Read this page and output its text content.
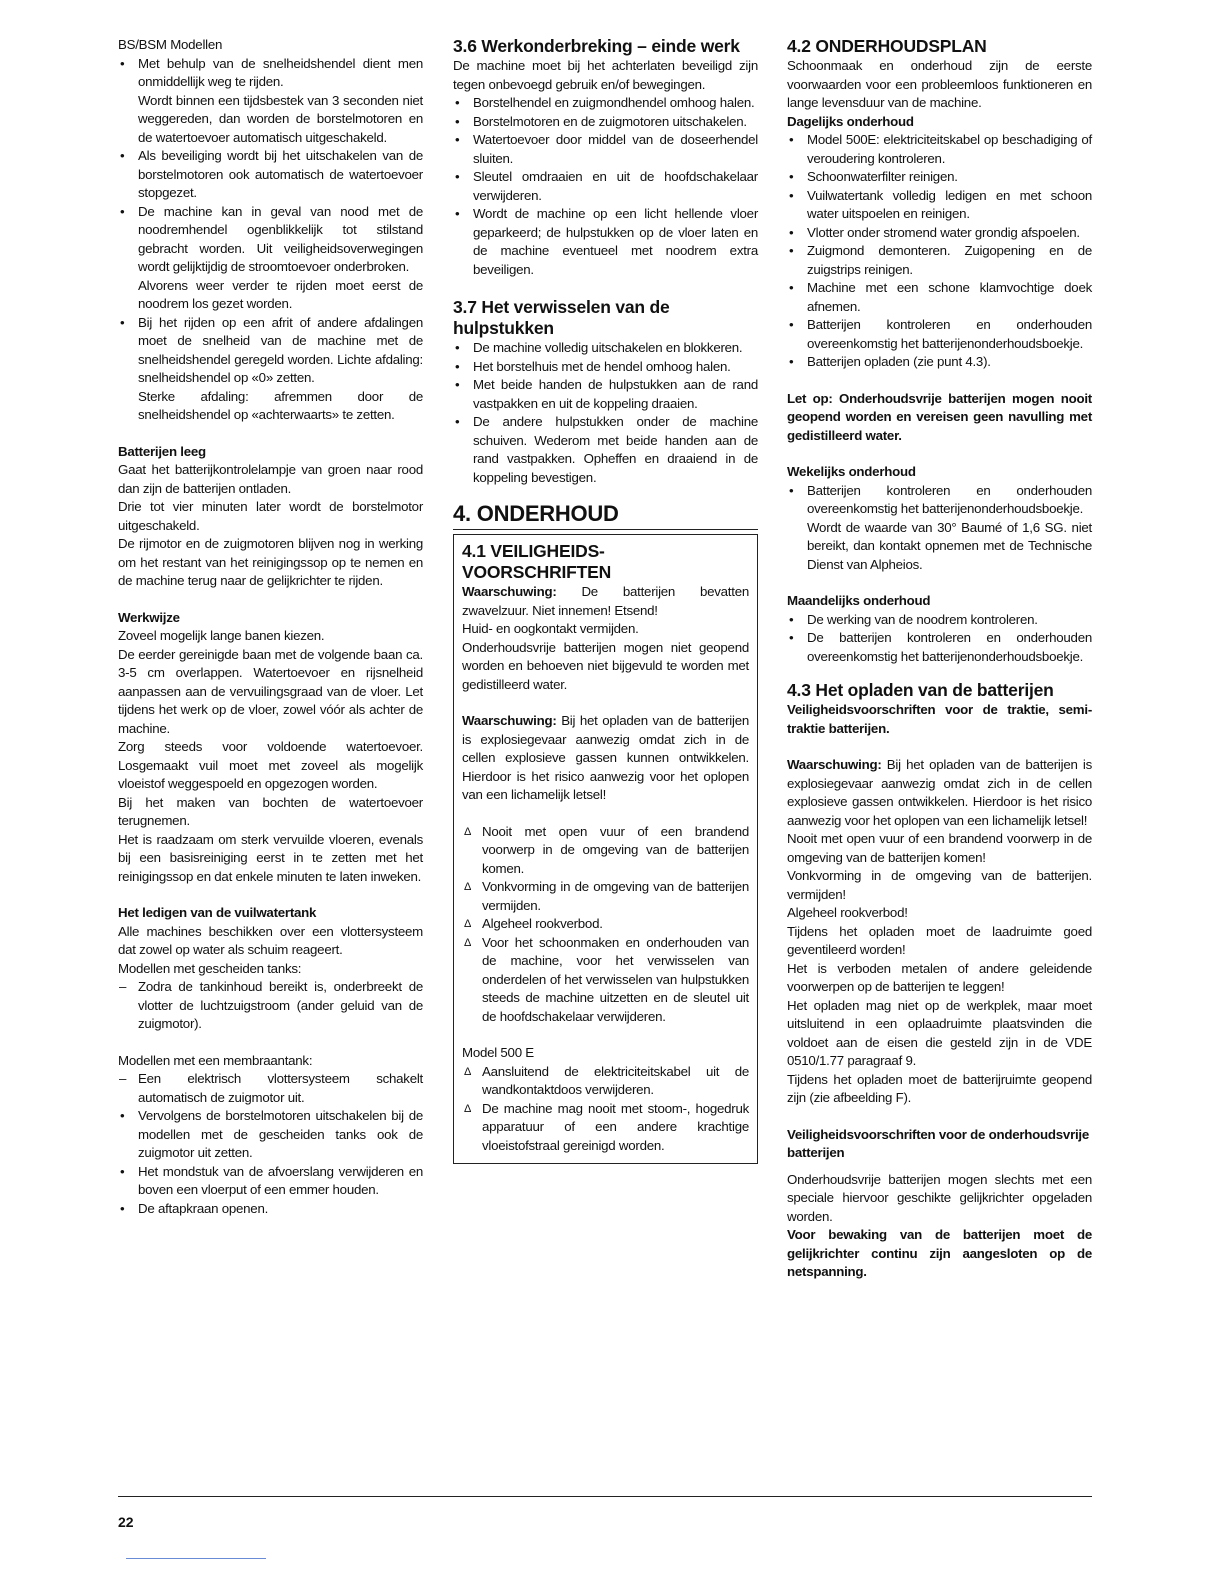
BS/BSM Modellen

• Met behulp van de snelheidshendel dient men onmiddellijk weg te rijden.
Wordt binnen een tijdsbestek van 3 seconden niet weggereden, dan worden de borstelmotoren en de watertoevoer automatisch uitgeschakeld.
• Als beveiliging wordt bij het uitschakelen van de borstelmotoren ook automatisch de watertoevoer stopgezet.
• De machine kan in geval van nood met de noodremhendel ogenblikkelijk tot stilstand gebracht worden. Uit veiligheidsoverwegingen wordt gelijktijdig de stroomtoevoer onderbroken.
Alvorens weer verder te rijden moet eerst de noodrem los gezet worden.
• Bij het rijden op een afrit of andere afdalingen moet de snelheid van de machine met de snelheidshendel geregeld worden. Lichte afdaling: snelheidshendel op «0» zetten.
Sterke afdaling: afremmen door de snelheidshendel op «achterwaarts» te zetten.

Batterijen leeg

Gaat het batterijkontrolelampje van groen naar rood dan zijn de batterijen ontladen.

Drie tot vier minuten later wordt de borstelmotor uitgeschakeld.

De rijmotor en de zuigmotoren blijven nog in werking om het restant van het reinigingssop op te nemen en de machine terug naar de gelijkrichter te rijden.

Werkwijze

Zoveel mogelijk lange banen kiezen.

De eerder gereinigde baan met de volgende baan ca. 3-5 cm overlappen. Watertoevoer en rijsnelheid aanpassen aan de vervuilingsgraad van de vloer. Let tijdens het werk op de vloer, zowel vóór als achter de machine.

Zorg steeds voor voldoende watertoevoer. Losgemaakt vuil moet met zoveel als mogelijk vloeistof weggespoeld en opgezogen worden.

Bij het maken van bochten de watertoevoer terugnemen.

Het is raadzaam om sterk vervuilde vloeren, evenals bij een basisreiniging eerst in te zetten met het reinigingssop en dat enkele minuten te laten inweken.

Het ledigen van de vuilwatertank

Alle machines beschikken over een vlottersysteem dat zowel op water als schuim reageert.

Modellen met gescheiden tanks:

– Zodra de tankinhoud bereikt is, onderbreekt de vlotter de luchtzuigstroom (ander geluid van de zuigmotor).

Modellen met een membraantank:

– Een elektrisch vlottersysteem schakelt automatisch de zuigmotor uit.
• Vervolgens de borstelmotoren uitschakelen bij de modellen met de gescheiden tanks ook de zuigmotor uit zetten.
• Het mondstuk van de afvoerslang verwijderen en boven een vloerput of een emmer houden.
• De aftapkraan openen.

3.6 Werkonderbreking – einde werk

De machine moet bij het achterlaten beveiligd zijn tegen onbevoegd gebruik en/of bewegingen.

• Borstelhendel en zuigmondhendel omhoog halen.
• Borstelmotoren en de zuigmotoren uitschakelen.
• Watertoevoer door middel van de doseerhendel sluiten.
• Sleutel omdraaien en uit de hoofdschakelaar verwijderen.
• Wordt de machine op een licht hellende vloer geparkeerd; de hulpstukken op de vloer laten en de machine eventueel met noodrem extra beveiligen.

3.7 Het verwisselen van de hulpstukken

• De machine volledig uitschakelen en blokkeren.
• Het borstelhuis met de hendel omhoog halen.
• Met beide handen de hulpstukken aan de rand vastpakken en uit de koppeling draaien.
• De andere hulpstukken onder de machine schuiven. Wederom met beide handen aan de rand vastpakken. Opheffen en draaiend in de koppeling bevestigen.

4. ONDERHOUD

4.1 VEILIGHEIDS-VOORSCHRIFTEN

Waarschuwing: De batterijen bevatten zwavelzuur. Niet innemen! Etsend!

Huid- en oogkontakt vermijden.

Onderhoudsvrije batterijen mogen niet geopend worden en behoeven niet bijgevuld te worden met gedistilleerd water.

Waarschuwing: Bij het opladen van de batterijen is explosiegevaar aanwezig omdat zich in de cellen explosieve gassen kunnen ontwikkelen. Hierdoor is het risico aanwezig voor het oplopen van een lichamelijk letsel!

Δ Nooit met open vuur of een brandend voorwerp in de omgeving van de batterijen komen.
Δ Vonkvorming in de omgeving van de batterijen vermijden.
Δ Algeheel rookverbod.
Δ Voor het schoonmaken en onderhouden van de machine, voor het verwisselen van onderdelen of het verwisselen van hulpstukken steeds de machine uitzetten en de sleutel uit de hoofdschakelaar verwijderen.

Model 500 E

Δ Aansluitend de elektriciteitskabel uit de wandkontaktdoos verwijderen.
Δ De machine mag nooit met stoom-, hogedruk apparatuur of een andere krachtige vloeistofstraal gereinigd worden.

4.2 ONDERHOUDSPLAN

Schoonmaak en onderhoud zijn de eerste voorwaarden voor een probleemloos funktioneren en lange levensduur van de machine.

Dagelijks onderhoud

• Model 500E: elektriciteitskabel op beschadiging of veroudering kontroleren.
• Schoonwaterfilter reinigen.
• Vuilwatertank volledig ledigen en met schoon water uitspoelen en reinigen.
• Vlotter onder stromend water grondig afspoelen.
• Zuigmond demonteren. Zuigopening en de zuigstrips reinigen.
• Machine met een schone klamvochtige doek afnemen.
• Batterijen kontroleren en onderhouden overeenkomstig het batterijenonderhoudsboekje.
• Batterijen opladen (zie punt 4.3).

Let op: Onderhoudsvrije batterijen mogen nooit geopend worden en vereisen geen navulling met gedistilleerd water.

Wekelijks onderhoud

• Batterijen kontroleren en onderhouden overeenkomstig het batterijenonderhoudsboekje.
Wordt de waarde van 30° Baumé of 1,6 SG. niet bereikt, dan kontakt opnemen met de Technische Dienst van Alpheios.

Maandelijks onderhoud

• De werking van de noodrem kontroleren.
• De batterijen kontroleren en onderhouden overeenkomstig het batterijenonderhoudsboekje.

4.3 Het opladen van de batterijen

Veiligheidsvoorschriften voor de traktie, semi-traktie batterijen.

Waarschuwing: Bij het opladen van de batterijen is explosiegevaar aanwezig omdat zich in de cellen explosieve gassen ontwikkelen. Hierdoor is het risico aanwezig voor het oplopen van een lichamelijk letsel!

Nooit met open vuur of een brandend voorwerp in de omgeving van de batterijen komen!

Vonkvorming in de omgeving van de batterijen. vermijden!

Algeheel rookverbod!

Tijdens het opladen moet de laadruimte goed geventileerd worden!

Het is verboden metalen of andere geleidende voorwerpen op de batterijen te leggen!

Het opladen mag niet op de werkplek, maar moet uitsluitend in een oplaadruimte plaatsvinden die voldoet aan de eisen die gesteld zijn in de VDE 0510/1.77 paragraaf 9.

Tijdens het opladen moet de batterijruimte geopend zijn (zie afbeelding F).

Veiligheidsvoorschriften voor de onderhoudsvrije batterijen

Onderhoudsvrije batterijen mogen slechts met een speciale hiervoor geschikte gelijkrichter opgeladen worden.

Voor bewaking van de batterijen moet de gelijkrichter continu zijn aangesloten op de netspanning.

22
